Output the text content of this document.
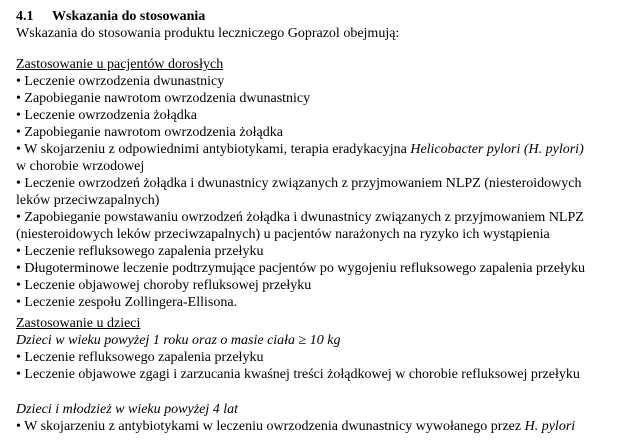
4.1 Wskazania do stosowania
Wskazania do stosowania produktu leczniczego Goprazol obejmują:
Zastosowanie u pacjentów dorosłych
• Leczenie owrzodzenia dwunastnicy
• Zapobieganie nawrotom owrzodzenia dwunastnicy
• Leczenie owrzodzenia żołądka
• Zapobieganie nawrotom owrzodzenia żołądka
• W skojarzeniu z odpowiednimi antybiotykami, terapia eradykacyjna Helicobacter pylori (H. pylori)
w chorobie wrzodowej
• Leczenie owrzodzeń żołądka i dwunastnicy związanych z przyjmowaniem NLPZ (niesteroidowych
leków przeciwzapalnych)
• Zapobieganie powstawaniu owrzodzeń żołądka i dwunastnicy związanych z przyjmowaniem NLPZ
(niesteroidowych leków przeciwzapalnych) u pacjentów narażonych na ryzyko ich wystąpienia
• Leczenie refluksowego zapalenia przełyku
• Długoterminowe leczenie podtrzymujące pacjentów po wygojeniu refluksowego zapalenia przełyku
• Leczenie objawowej choroby refluksowej przełyku
• Leczenie zespołu Zollingera-Ellisona.
Zastosowanie u dzieci
Dzieci w wieku powyżej 1 roku oraz o masie ciała ≥ 10 kg
• Leczenie refluksowego zapalenia przełyku
• Leczenie objawowe zgagi i zarzucania kwaśnej treści żołądkowej w chorobie refluksowej przełyku
Dzieci i młodzież w wieku powyżej 4 lat
• W skojarzeniu z antybiotykami w leczeniu owrzodzenia dwunastnicy wywołanego przez H. pylori
